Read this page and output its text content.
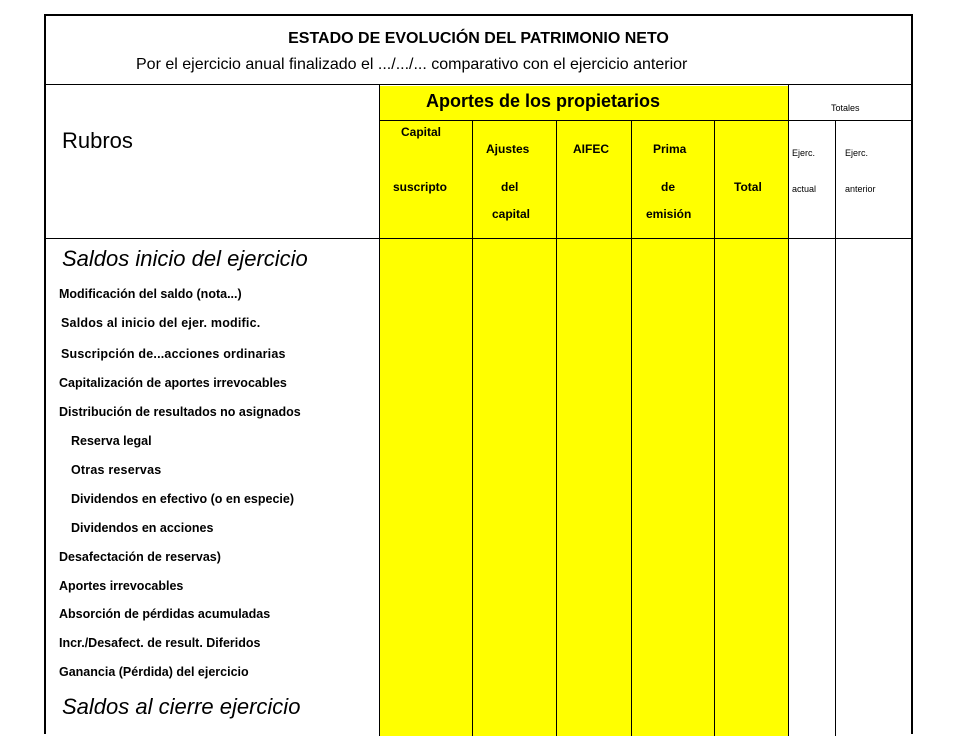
ESTADO DE EVOLUCIÓN DEL PATRIMONIO NETO
Por el ejercicio anual finalizado el .../.../... comparativo con el ejercicio anterior
Rubros
Aportes de los propietarios	Totales
Capital
suscripto
Ajustes
del
capital
AIFEC	Prima
de
emisión
Total
Ejerc.
actual
Ejerc.
anterior
Saldos inicio del ejercicio
Modificación del saldo (nota...)
Saldos al inicio del ejer. modific.
Suscripción de...acciones ordinarias
Capitalización de aportes irrevocables
Distribución de resultados no asignados
Reserva legal
Otras reservas
Dividendos en efectivo (o en especie)
Dividendos en acciones
Desafectación de reservas)
Aportes irrevocables
Absorción de pérdidas acumuladas
Incr./Desafect. de result. Diferidos
Ganancia (Pérdida) del ejercicio
Saldos al cierre ejercicio
